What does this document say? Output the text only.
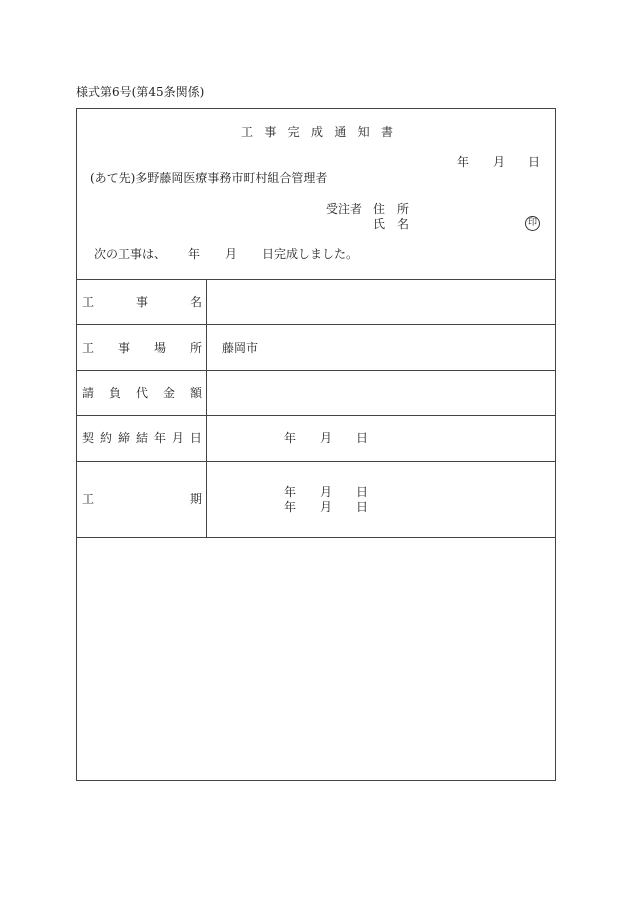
様式第6号(第45条関係)
工 事 完 成 通 知 書
年 月 日
(あて先)多野藤岡医療事務市町村組合管理者
受注者 住 所
氏 名	印
次の工事は、 年 月 日完成しました。
工	事	名
工 事 場 所 藤岡市
請 負 代 金 額
契 約 締 結 年 月 日	年 月 日
工	期	年 月 日
年 月 日
